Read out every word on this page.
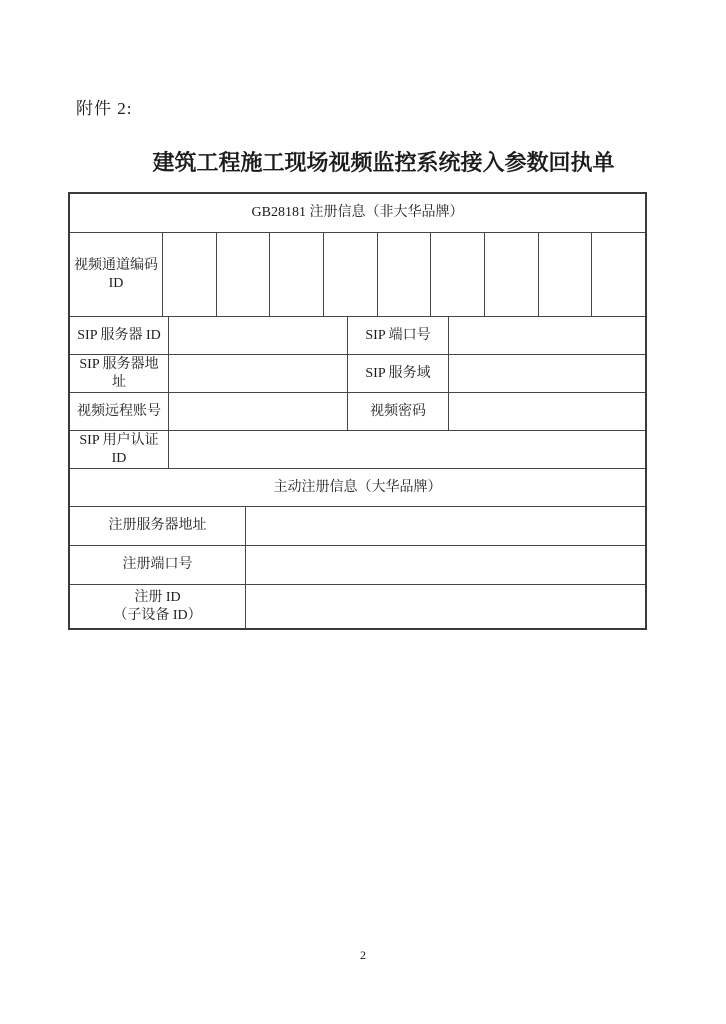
附件 2:
建筑工程施工现场视频监控系统接入参数回执单
GB28181 注册信息（非大华品牌）
视频通道编码 ID
SIP 服务器 ID	SIP 端口号
SIP 服务器地址
SIP 服务域
视频远程账号	视频密码
SIP 用户认证 ID
主动注册信息（大华品牌）
注册服务器地址
注册端口号
注册 ID
（子设备 ID）
2
